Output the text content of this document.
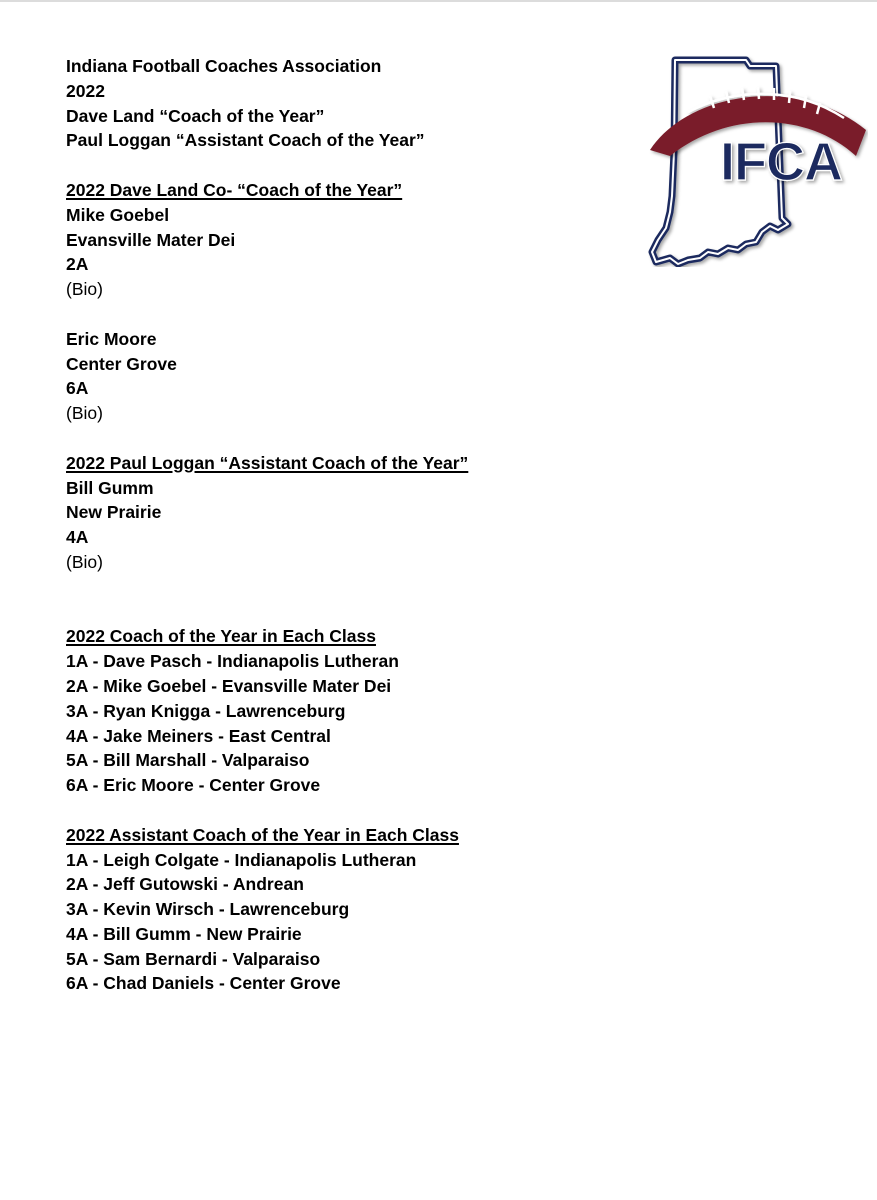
Indiana Football Coaches Association
2022
Dave Land “Coach of the Year”
Paul Loggan “Assistant Coach of the Year”
2022 Dave Land Co- “Coach of the Year”
Mike Goebel
Evansville Mater Dei
2A
(Bio)
Eric Moore
Center Grove
6A
(Bio)
2022 Paul Loggan “Assistant Coach of the Year”
Bill Gumm
New Prairie
4A
(Bio)
2022 Coach of the Year in Each Class
1A - Dave Pasch - Indianapolis Lutheran
2A - Mike Goebel - Evansville Mater Dei
3A - Ryan Knigga - Lawrenceburg
4A - Jake Meiners - East Central
5A - Bill Marshall - Valparaiso
6A - Eric Moore - Center Grove
2022 Assistant Coach of the Year in Each Class
1A - Leigh Colgate - Indianapolis Lutheran
2A - Jeff Gutowski - Andrean
3A - Kevin Wirsch - Lawrenceburg
4A - Bill Gumm - New Prairie
5A - Sam Bernardi - Valparaiso
6A - Chad Daniels - Center Grove
IFCA
